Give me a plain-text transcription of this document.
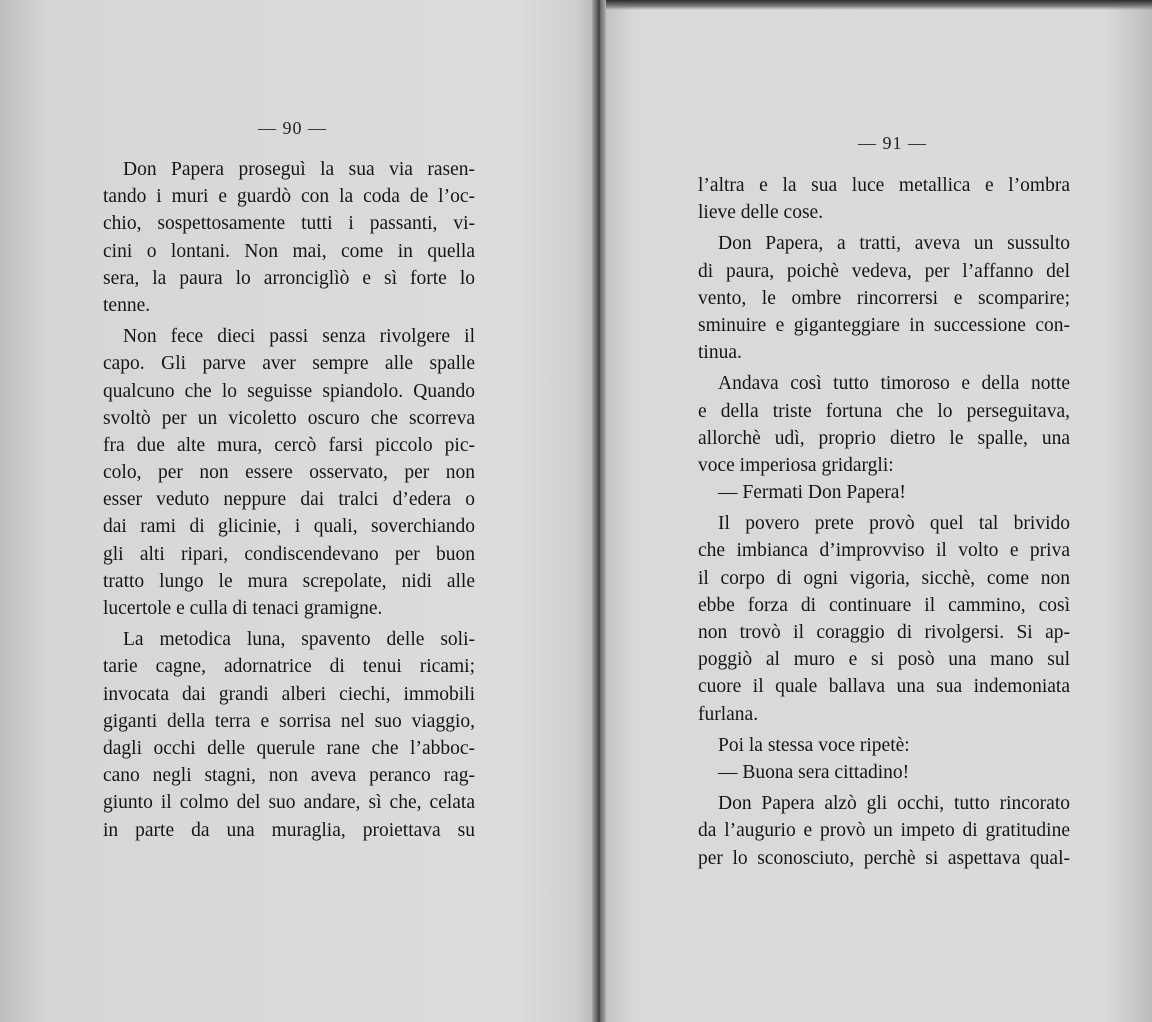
— 90 —
Don Papera proseguì la sua via rasen-
tando i muri e guardò con la coda de l’oc-
chio, sospettosamente tutti i passanti, vi-
cini o lontani. Non mai, come in quella
sera, la paura lo arronciglìò e sì forte lo
tenne.
Non fece dieci passi senza rivolgere il
capo. Gli parve aver sempre alle spalle
qualcuno che lo seguisse spiandolo. Quando
svoltò per un vicoletto oscuro che scorreva
fra due alte mura, cercò farsi piccolo pic-
colo, per non essere osservato, per non
esser veduto neppure dai tralci d’edera o
dai rami di glicinie, i quali, soverchiando
gli alti ripari, condiscendevano per buon
tratto lungo le mura screpolate, nidi alle
lucertole e culla di tenaci gramigne.
La metodica luna, spavento delle soli-
tarie cagne, adornatrice di tenui ricami;
invocata dai grandi alberi ciechi, immobili
giganti della terra e sorrisa nel suo viaggio,
dagli occhi delle querule rane che l’abboc-
cano negli stagni, non aveva peranco rag-
giunto il colmo del suo andare, sì che, celata
in parte da una muraglia, proiettava su
— 91 —
l’altra e la sua luce metallica e l’ombra
lieve delle cose.
Don Papera, a tratti, aveva un sussulto
di paura, poichè vedeva, per l’affanno del
vento, le ombre rincorrersi e scomparire;
sminuire e giganteggiare in successione con-
tinua.
Andava così tutto timoroso e della notte
e della triste fortuna che lo perseguitava,
allorchè udì, proprio dietro le spalle, una
voce imperiosa gridargli:
— Fermati Don Papera!
Il povero prete provò quel tal brivido
che imbianca d’improvviso il volto e priva
il corpo di ogni vigoria, sicchè, come non
ebbe forza di continuare il cammino, così
non trovò il coraggio di rivolgersi. Si ap-
poggiò al muro e si posò una mano sul
cuore il quale ballava una sua indemoniata
furlana.
Poi la stessa voce ripetè:
— Buona sera cittadino!
Don Papera alzò gli occhi, tutto rincorato
da l’augurio e provò un impeto di gratitudine
per lo sconosciuto, perchè si aspettava qual-
